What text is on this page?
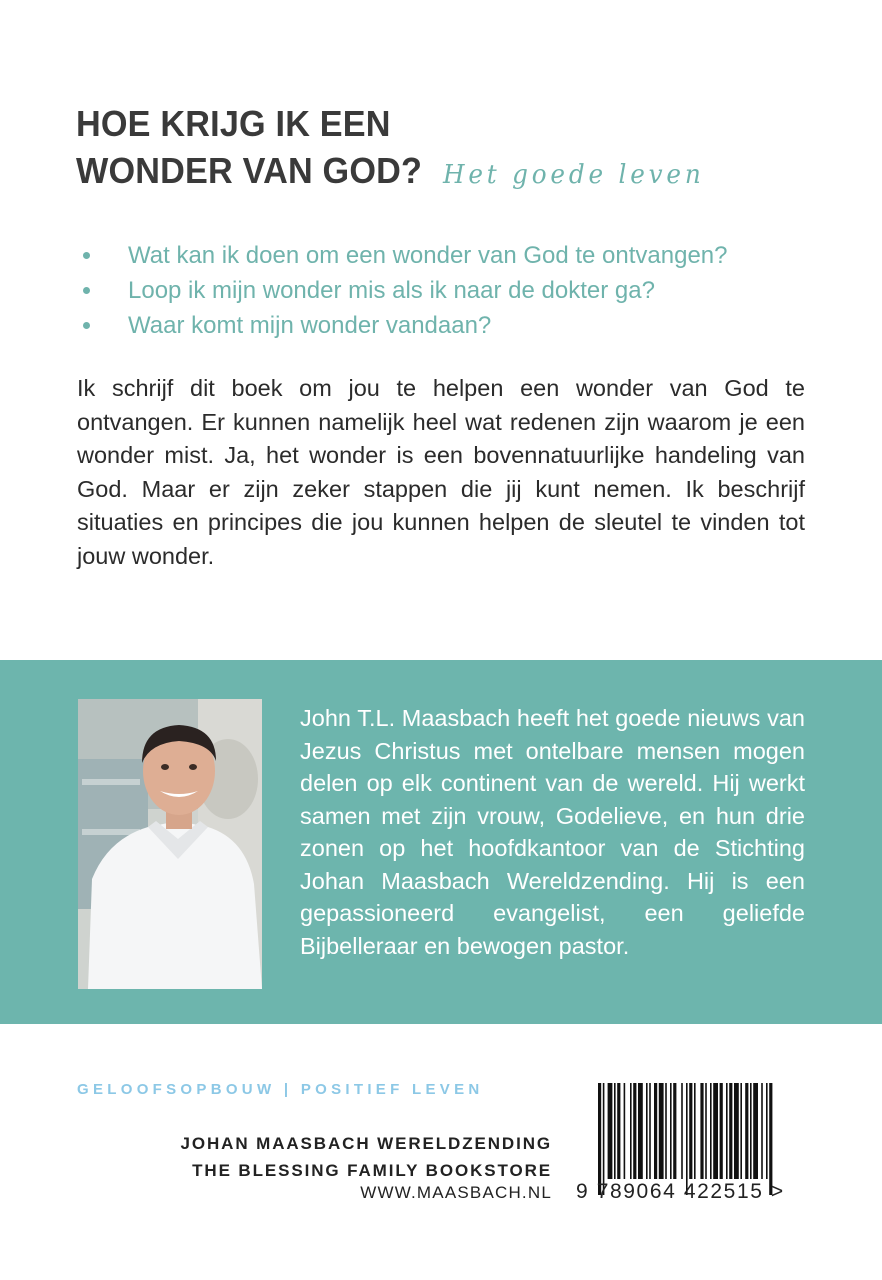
HOE KRIJG IK EEN
WONDER VAN GOD? Het goede leven
Wat kan ik doen om een wonder van God te ontvangen?
Loop ik mijn wonder mis als ik naar de dokter ga?
Waar komt mijn wonder vandaan?

Ik schrijf dit boek om jou te helpen een wonder van God te ontvangen. Er kunnen namelijk heel wat redenen zijn waarom je een wonder mist. Ja, het wonder is een bovennatuurlijke handeling van God. Maar er zijn zeker stappen die jij kunt nemen. Ik beschrijf situaties en principes die jou kunnen helpen de sleutel te vinden tot jouw wonder.

John T.L. Maasbach heeft het goede nieuws van Jezus Christus met ontelbare mensen mogen delen op elk continent van de wereld. Hij werkt samen met zijn vrouw, Godelieve, en hun drie zonen op het hoofdkantoor van de Stichting Johan Maasbach Wereldzending. Hij is een gepassioneerd evangelist, een geliefde Bijbelleraar en bewogen pastor.

GELOOFSOPBOUW | POSITIEF LEVEN
JOHAN MAASBACH WERELDZENDING
THE BLESSING FAMILY BOOKSTORE
WWW.MAASBACH.NL 9 789064 422515 >
